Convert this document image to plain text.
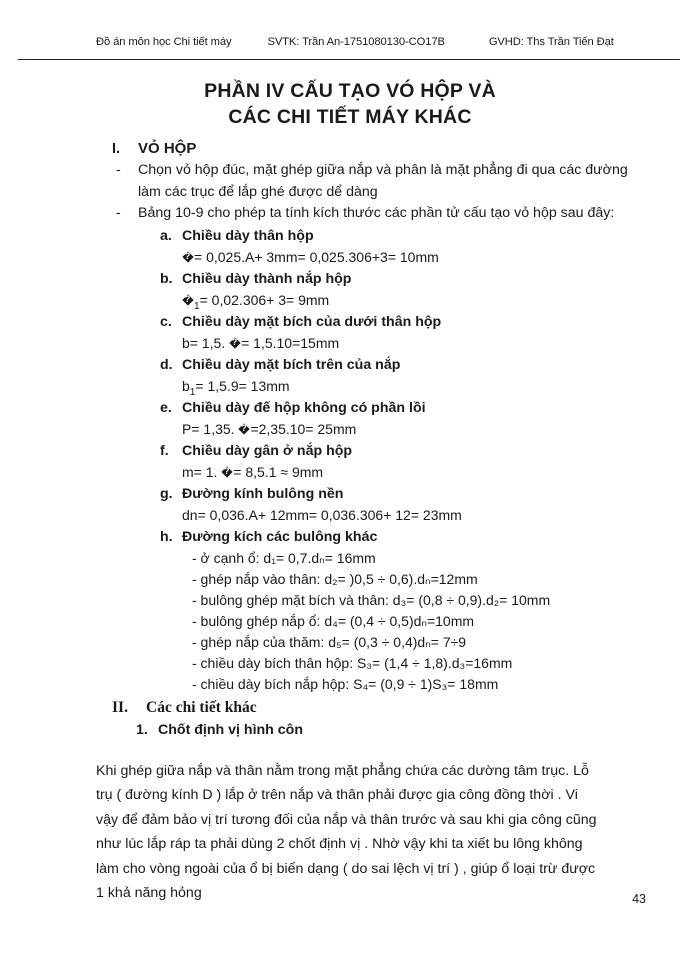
Đồ án môn học Chi tiết máy	SVTK: Trần An-1751080130-CO17B	GVHD: Ths Trần Tiến Đạt
PHẦN IV CẤU TẠO VÓ HỘP VÀ
CÁC CHI TIẾT MÁY KHÁC
I.	VỎ HỘP
-	Chọn vỏ hộp đúc, mặt ghép giữa nắp và phân là mặt phẳng đi qua các đường làm các trục để lắp ghé được dể dàng
-	Bảng 10-9 cho phép ta tính kích thước các phần tử cấu tạo vỏ hộp sau đây:
a. Chiều dày thân hộp
?= 0,025.A+ 3mm= 0,025.306+3= 10mm
b. Chiều dày thành nắp hộp
$?_1= 0,02.306+ 3= 9mm$
c. Chiều dày mặt bích của dưới thân hộp
b= 1,5. ?= 1,5.10=15mm
d. Chiều dày mặt bích trên của nắp
$b_1= 1,5.9= 13mm$
e. Chiều dày đế hộp không có phần lồi
P= 1,35. ?=2,35.10= 25mm
f. Chiều dày gân ở nắp hộp
m= 1. ?= 8,5.1 ≈ 9mm
g. Đường kính bulông nền
dn= 0,036.A+ 12mm= 0,036.306+ 12= 23mm
h. Đường kích các bulông khác
- ở cạnh ổ: d₁= 0,7.dₙ= 16mm
- ghép nắp vào thân: d₂= )0,5 ÷ 0,6).dₙ=12mm
- bulông ghép mặt bích và thân: d₃= (0,8 ÷ 0,9).d₂= 10mm
- bulông ghép nắp ổ: d₄= (0,4 ÷ 0,5)dₙ=10mm
- ghép nắp của thăm: d₅= (0,3 ÷ 0,4)dₙ= 7÷9
- chiều dày bích thân hộp: S₃= (1,4 ÷ 1,8).d₃=16mm
- chiều dày bích nắp hộp: S₄= (0,9 ÷ 1)S₃= 18mm
II.	Các chi tiết khác
1. Chốt định vị hình côn
Khi ghép giữa nắp và thân nằm trong mặt phẳng chứa các dường tâm trục. Lỗ
trụ ( đường kính D ) lắp ở trên nắp và thân phải được gia công đồng thời . Vi
vậy để đảm bảo vị trí tương đối của nắp và thân trước và sau khi gia công cũng
như lúc lắp ráp ta phải dùng 2 chốt định vị . Nhờ vậy khi ta xiết bu lông không
làm cho vòng ngoài của ổ bị biến dạng ( do sai lệch vị trí ) , giúp ổ loại trừ được
1 khả năng hỏng	43
